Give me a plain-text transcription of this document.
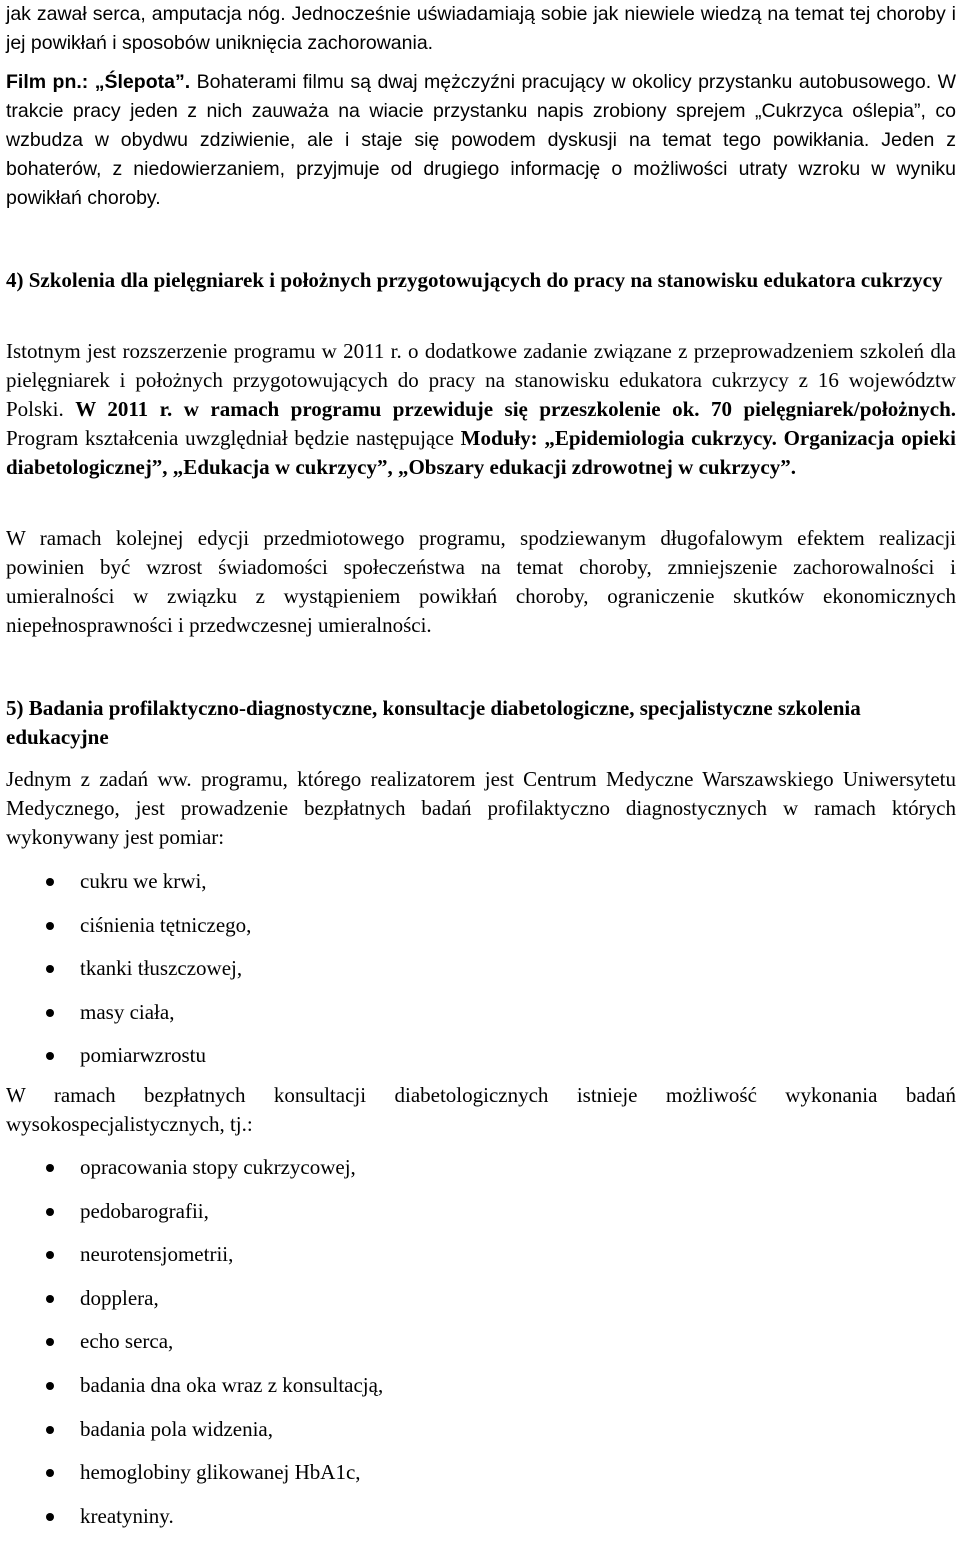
jak zawał serca, amputacja nóg. Jednocześnie uświadamiają sobie jak niewiele wiedzą na temat tej choroby i jej powikłań i sposobów uniknięcia zachorowania.

Film pn.: „Ślepota”. Bohaterami filmu są dwaj mężczyźni pracujący w okolicy przystanku autobusowego. W trakcie pracy jeden z nich zauważa na wiacie przystanku napis zrobiony sprejem „Cukrzyca oślepia”, co wzbudza w obydwu zdziwienie, ale i staje się powodem dyskusji na temat tego powikłania. Jeden z bohaterów, z niedowierzaniem, przyjmuje od drugiego informację o możliwości utraty wzroku w wyniku powikłań choroby.

4) Szkolenia dla pielęgniarek i położnych przygotowujących do pracy na stanowisku edukatora cukrzycy

Istotnym jest rozszerzenie programu w 2011 r. o dodatkowe zadanie związane z przeprowadzeniem szkoleń dla pielęgniarek i położnych przygotowujących do pracy na stanowisku edukatora cukrzycy z 16 województw Polski. W 2011 r. w ramach programu przewiduje się przeszkolenie ok. 70 pielęgniarek/położnych. Program kształcenia uwzględniał będzie następujące Moduły: „Epidemiologia cukrzycy. Organizacja opieki diabetologicznej”, „Edukacja w cukrzycy”, „Obszary edukacji zdrowotnej w cukrzycy”.

W ramach kolejnej edycji przedmiotowego programu, spodziewanym długofalowym efektem realizacji powinien być wzrost świadomości społeczeństwa na temat choroby, zmniejszenie zachorowalności i umieralności w związku z wystąpieniem powikłań choroby, ograniczenie skutków ekonomicznych niepełnosprawności i przedwczesnej umieralności.

5) Badania profilaktyczno-diagnostyczne, konsultacje diabetologiczne, specjalistyczne szkolenia edukacyjne

Jednym z zadań ww. programu, którego realizatorem jest Centrum Medyczne Warszawskiego Uniwersytetu Medycznego, jest prowadzenie bezpłatnych badań profilaktyczno diagnostycznych w ramach których wykonywany jest pomiar:

cukru we krwi,
ciśnienia tętniczego,
tkanki tłuszczowej,
masy ciała,
pomiarwzrostu

W ramach bezpłatnych konsultacji diabetologicznych istnieje możliwość wykonania badań wysokospecjalistycznych, tj.:

opracowania stopy cukrzycowej,
pedobarografii,
neurotensjometrii,
dopplera,
echo serca,
badania dna oka wraz z konsultacją,
badania pola widzenia,
hemoglobiny glikowanej HbA1c,
kreatyniny.
